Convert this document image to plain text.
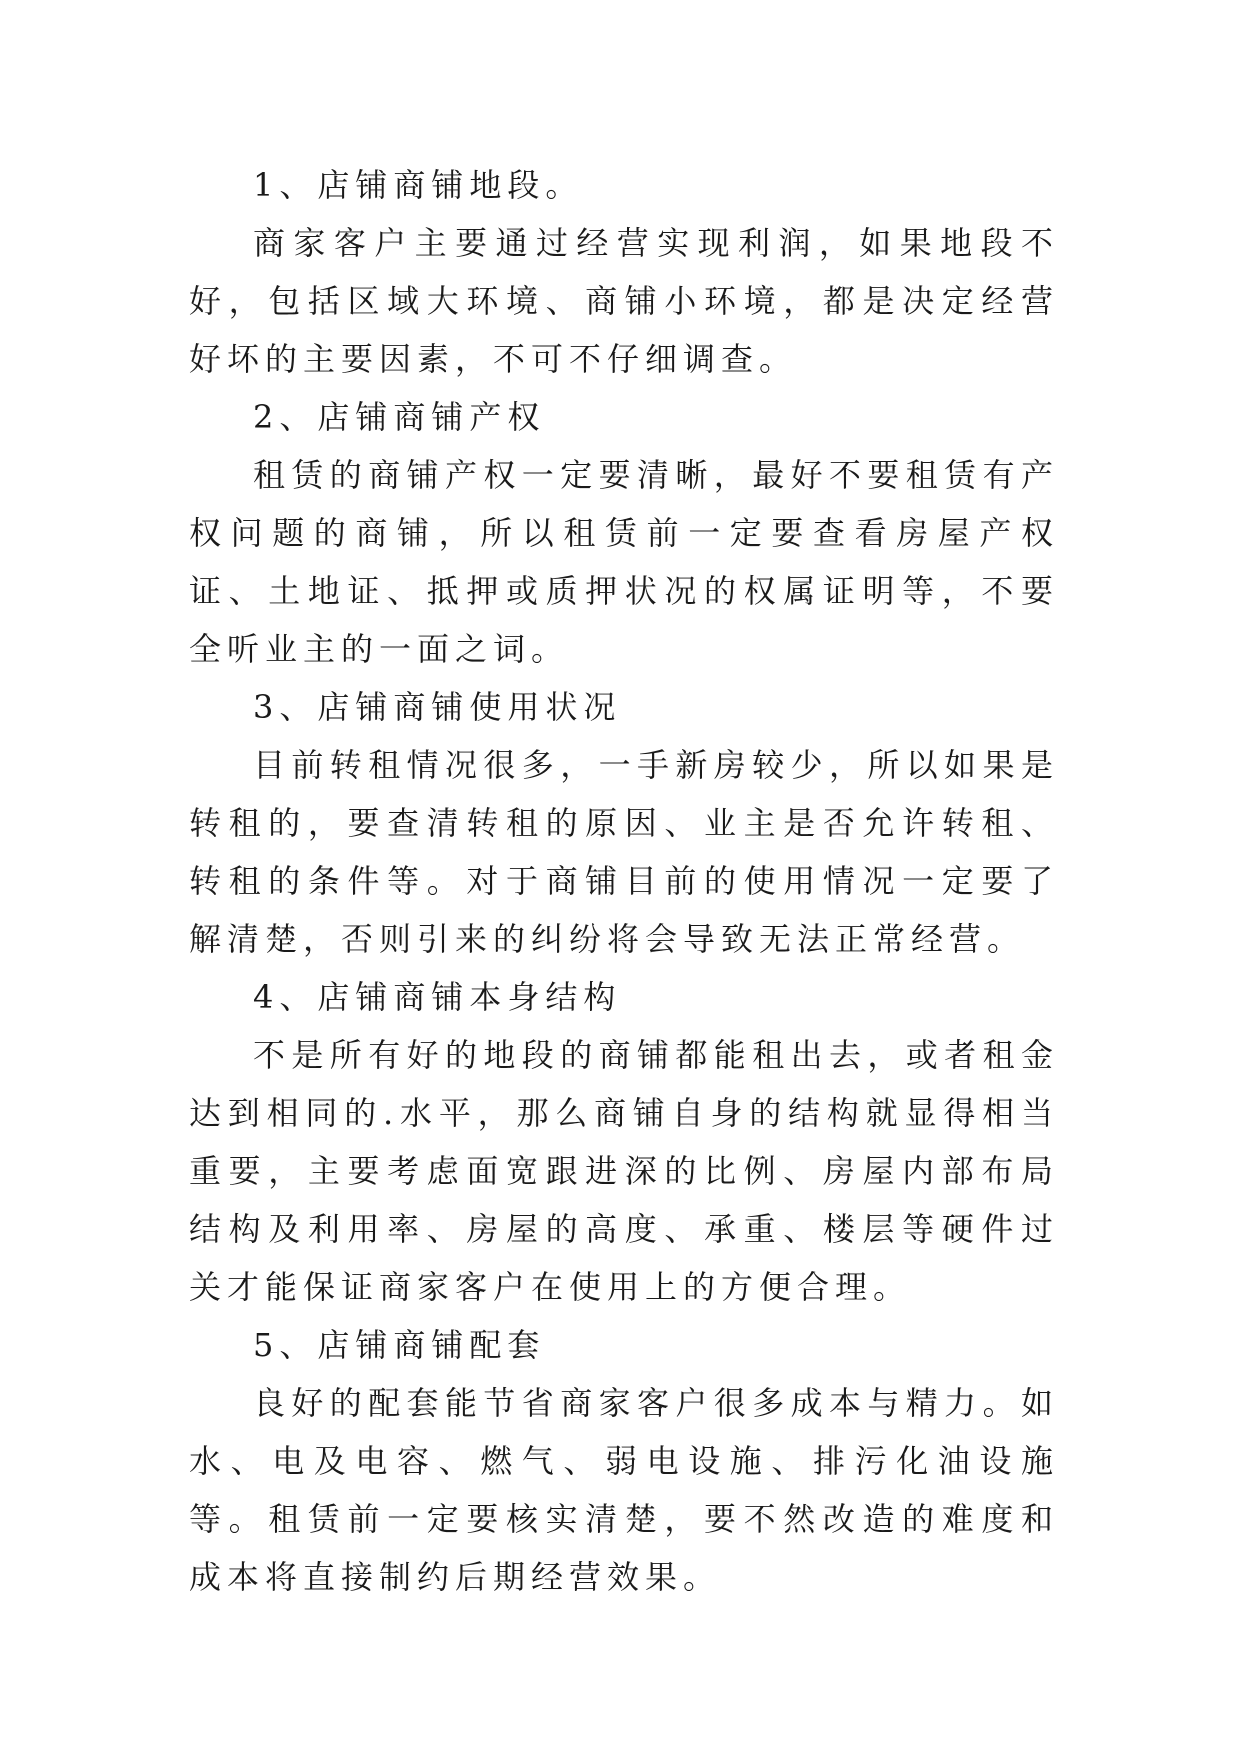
1、店铺商铺地段。

商家客户主要通过经营实现利润，如果地段不好，包括区域大环境、商铺小环境，都是决定经营好坏的主要因素，不可不仔细调查。

2、店铺商铺产权

租赁的商铺产权一定要清晰，最好不要租赁有产权问题的商铺，所以租赁前一定要查看房屋产权证、土地证、抵押或质押状况的权属证明等，不要全听业主的一面之词。

3、店铺商铺使用状况

目前转租情况很多，一手新房较少，所以如果是转租的，要查清转租的原因、业主是否允许转租、转租的条件等。对于商铺目前的使用情况一定要了解清楚，否则引来的纠纷将会导致无法正常经营。

4、店铺商铺本身结构

不是所有好的地段的商铺都能租出去，或者租金达到相同的.水平，那么商铺自身的结构就显得相当重要，主要考虑面宽跟进深的比例、房屋内部布局结构及利用率、房屋的高度、承重、楼层等硬件过关才能保证商家客户在使用上的方便合理。

5、店铺商铺配套

良好的配套能节省商家客户很多成本与精力。如水、电及电容、燃气、弱电设施、排污化油设施等。租赁前一定要核实清楚，要不然改造的难度和成本将直接制约后期经营效果。
